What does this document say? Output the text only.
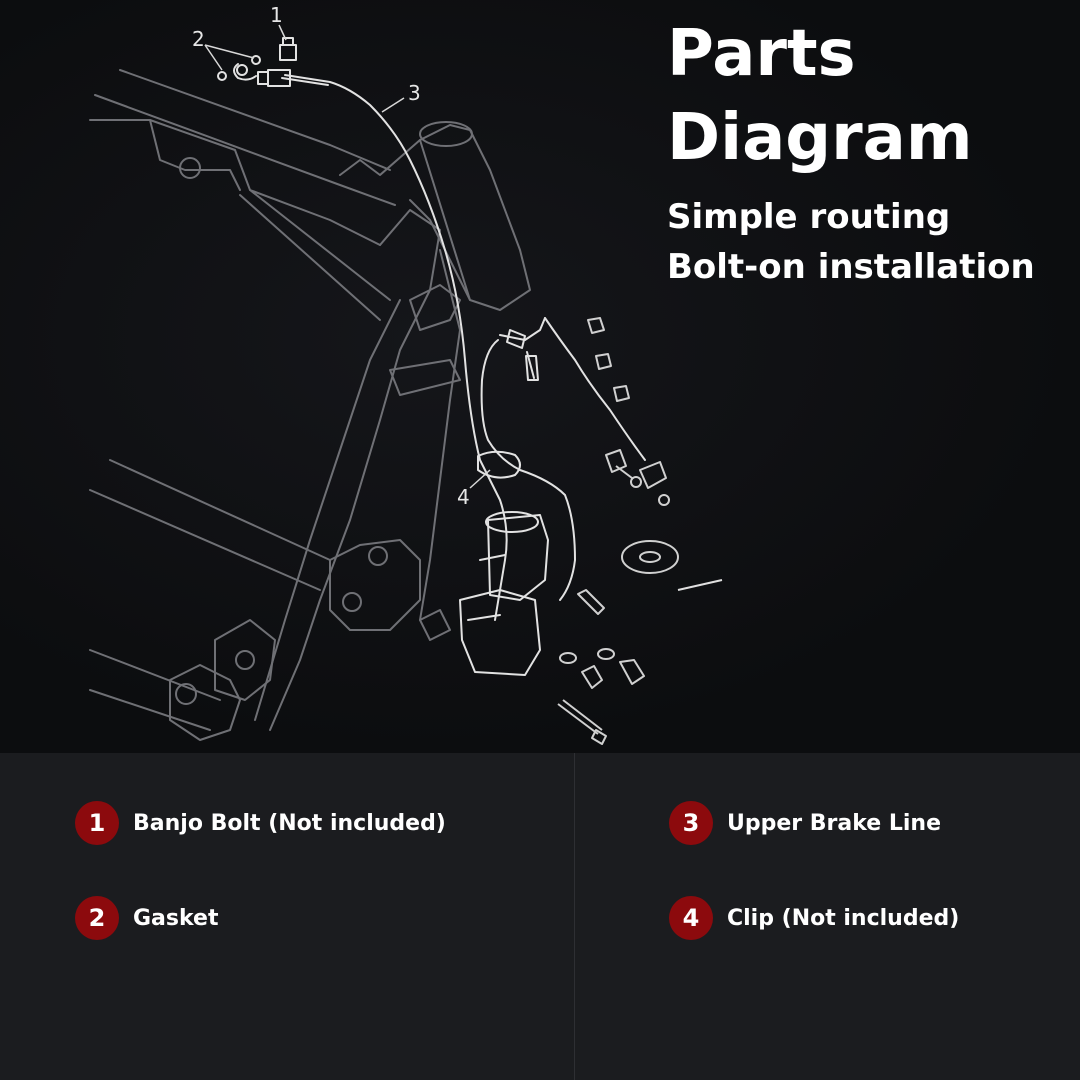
1
2
3
4
Parts
Diagram
Simple routing
Bolt-on installation
1	Banjo Bolt (Not included)
2	Gasket
3	Upper Brake Line
4	Clip (Not included)
